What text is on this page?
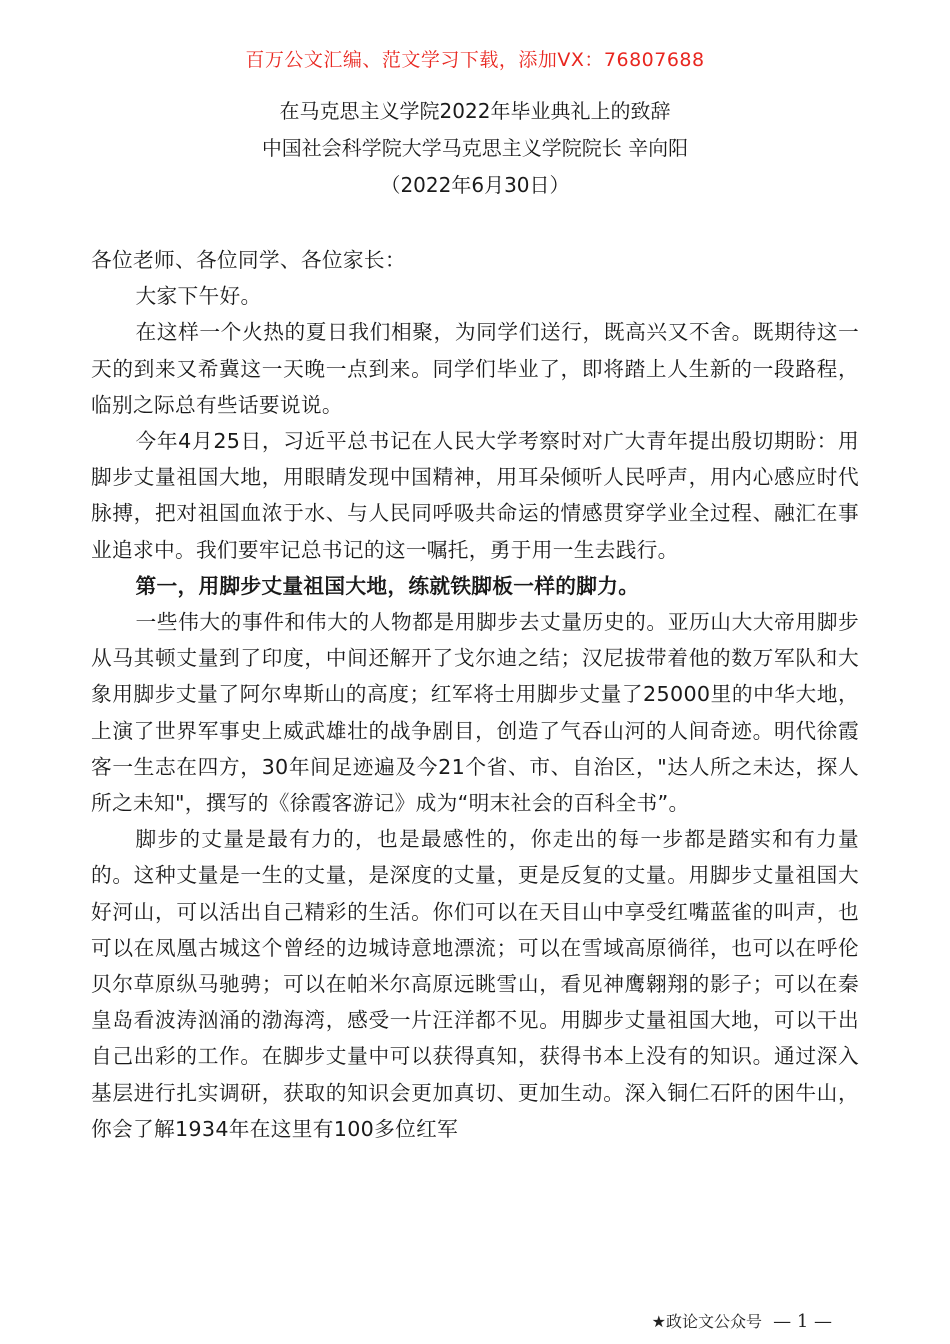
百万公文汇编、范文学习下载，添加VX：76807688
在马克思主义学院2022年毕业典礼上的致辞
中国社会科学院大学马克思主义学院院长 辛向阳
（2022年6月30日）

各位老师、各位同学、各位家长：

大家下午好。

在这样一个火热的夏日我们相聚，为同学们送行，既高兴又不舍。既期待这一天的到来又希冀这一天晚一点到来。同学们毕业了，即将踏上人生新的一段路程，临别之际总有些话要说说。

今年4月25日，习近平总书记在人民大学考察时对广大青年提出殷切期盼：用脚步丈量祖国大地，用眼睛发现中国精神，用耳朵倾听人民呼声，用内心感应时代脉搏，把对祖国血浓于水、与人民同呼吸共命运的情感贯穿学业全过程、融汇在事业追求中。我们要牢记总书记的这一嘱托，勇于用一生去践行。

第一，用脚步丈量祖国大地，练就铁脚板一样的脚力。

一些伟大的事件和伟大的人物都是用脚步去丈量历史的。亚历山大大帝用脚步从马其顿丈量到了印度，中间还解开了戈尔迪之结；汉尼拔带着他的数万军队和大象用脚步丈量了阿尔卑斯山的高度；红军将士用脚步丈量了25000里的中华大地，上演了世界军事史上威武雄壮的战争剧目，创造了气吞山河的人间奇迹。明代徐霞客一生志在四方，30年间足迹遍及今21个省、市、自治区，"达人所之未达，探人所之未知"，撰写的《徐霞客游记》成为“明末社会的百科全书”。

脚步的丈量是最有力的，也是最感性的，你走出的每一步都是踏实和有力量的。这种丈量是一生的丈量，是深度的丈量，更是反复的丈量。用脚步丈量祖国大好河山，可以活出自己精彩的生活。你们可以在天目山中享受红嘴蓝雀的叫声，也可以在凤凰古城这个曾经的边城诗意地漂流；可以在雪域高原徜徉，也可以在呼伦贝尔草原纵马驰骋；可以在帕米尔高原远眺雪山，看见神鹰翱翔的影子；可以在秦皇岛看波涛汹涌的渤海湾，感受一片汪洋都不见。用脚步丈量祖国大地，可以干出自己出彩的工作。在脚步丈量中可以获得真知，获得书本上没有的知识。通过深入基层进行扎实调研，获取的知识会更加真切、更加生动。深入铜仁石阡的困牛山，你会了解1934年在这里有100多位红军

★政论文公众号 — 1 —
